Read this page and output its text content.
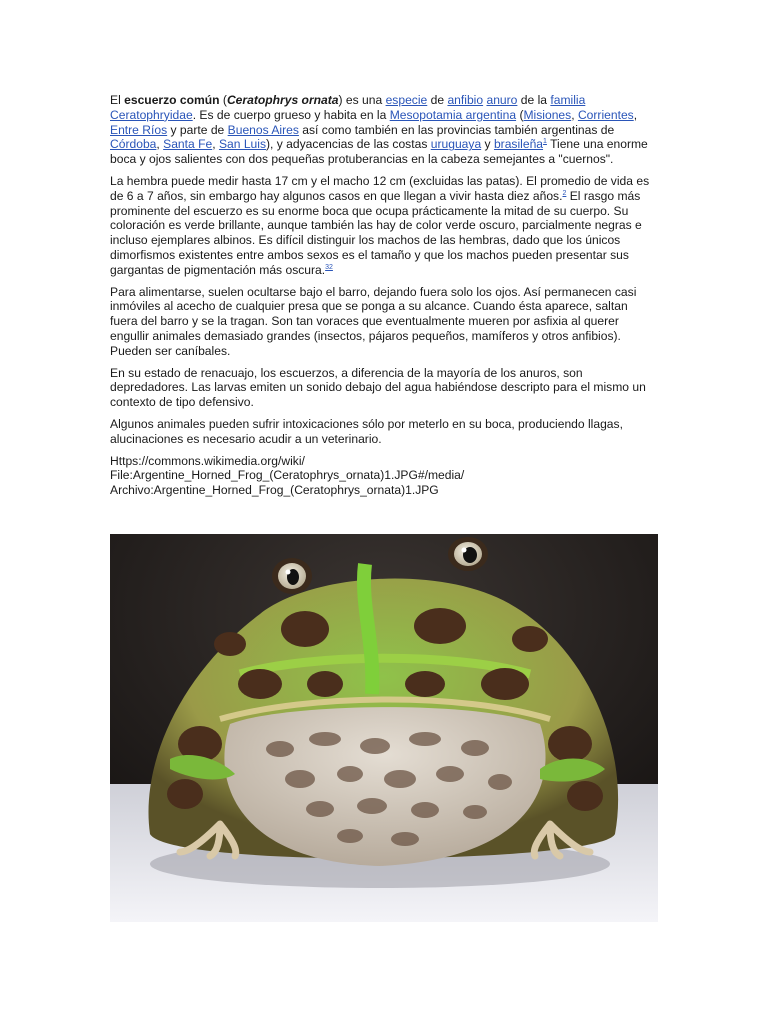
El escuerzo común (Ceratophrys ornata) es una especie de anfibio anuro de la familia Ceratophryidae. Es de cuerpo grueso y habita en la Mesopotamia argentina (Misiones, Corrientes, Entre Ríos y parte de Buenos Aires así como también en las provincias también argentinas de Córdoba, Santa Fe, San Luis), y adyacencias de las costas uruguaya y brasileña$^1$ Tiene una enorme boca y ojos salientes con dos pequeñas protuberancias en la cabeza semejantes a "cuernos".

La hembra puede medir hasta 17 cm y el macho 12 cm (excluidas las patas). El promedio de vida es de 6 a 7 años, sin embargo hay algunos casos en que llegan a vivir hasta diez años.$^2$ El rasgo más prominente del escuerzo es su enorme boca que ocupa prácticamente la mitad de su cuerpo. Su coloración es verde brillante, aunque también las hay de color verde oscuro, parcialmente negras e incluso ejemplares albinos. Es difícil distinguir los machos de las hembras, dado que los únicos dimorfismos existentes entre ambos sexos es el tamaño y que los machos pueden presentar sus gargantas de pigmentación más oscura.$^{32}$

Para alimentarse, suelen ocultarse bajo el barro, dejando fuera solo los ojos. Así permanecen casi inmóviles al acecho de cualquier presa que se ponga a su alcance. Cuando ésta aparece, saltan fuera del barro y se la tragan. Son tan voraces que eventualmente mueren por asfixia al querer engullir animales demasiado grandes (insectos, pájaros pequeños, mamíferos y otros anfibios). Pueden ser caníbales.

En su estado de renacuajo, los escuerzos, a diferencia de la mayoría de los anuros, son depredadores. Las larvas emiten un sonido debajo del agua habiéndose descripto para el mismo un contexto de tipo defensivo.

Algunos animales pueden sufrir intoxicaciones sólo por meterlo en su boca, produciendo llagas, alucinaciones es necesario acudir a un veterinario.

Https://commons.wikimedia.org/wiki/
File:Argentine_Horned_Frog_(Ceratophrys_ornata)1.JPG#/media/
Archivo:Argentine_Horned_Frog_(Ceratophrys_ornata)1.JPG
